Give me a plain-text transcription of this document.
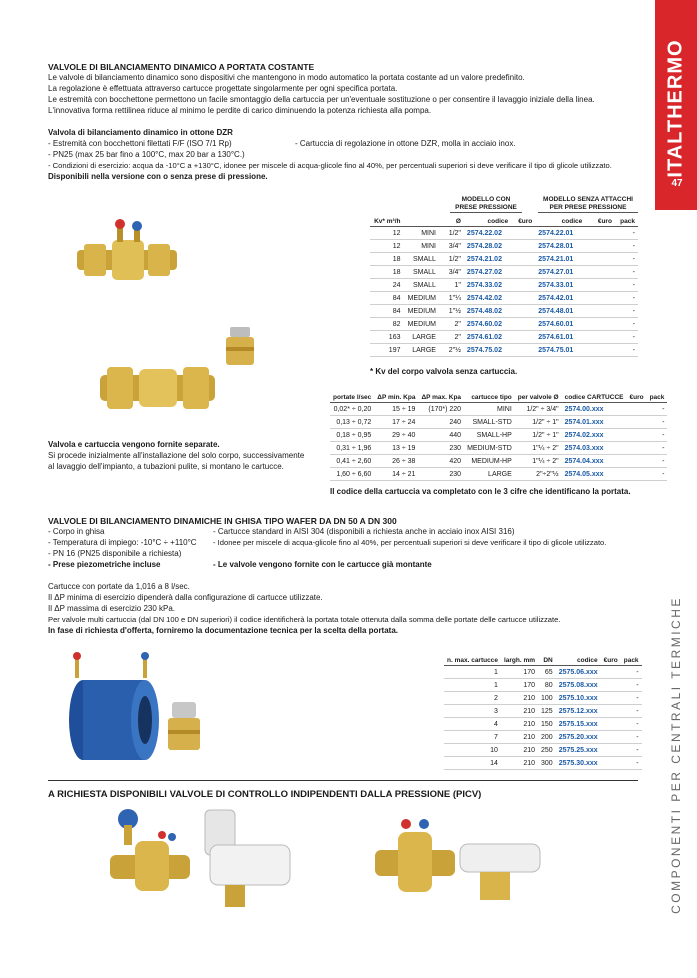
ITALTHERMO
47
COMPONENTI PER CENTRALI TERMICHE
VALVOLE DI BILANCIAMENTO DINAMICO A PORTATA COSTANTE
Le valvole di bilanciamento dinamico sono dispositivi che mantengono in modo automatico la portata costante ad un valore predefinito.
La regolazione è effettuata attraverso cartucce progettate singolarmente per ogni specifica portata.
Le estremità con bocchettone permettono un facile smontaggio della cartuccia per un'eventuale sostituzione o per consentire il lavaggio iniziale della linea.
L'innovativa forma rettilinea riduce al minimo le perdite di carico diminuendo la potenza richiesta alla pompa.
Valvola di bilanciamento dinamico in ottone DZR
- Estremità con bocchettoni filettati F/F (ISO 7/1 Rp)	- Cartuccia di regolazione in ottone DZR, molla in acciaio inox.
- PN25 (max 25 bar fino a 100°C, max 20 bar a 130°C.)
- Condizioni di esercizio: acqua da -10°C a +130°C, idonee per miscele di acqua-glicole fino al 40%, per percentuali superiori si deve verificare il tipo di glicole utilizzato.
Disponibili nella versione con o senza prese di pressione.
MODELLO CON PRESE PRESSIONE
MODELLO SENZA ATTACCHI PER PRESE PRESSIONE
Kv* m³/h		Ø	codice	€uro	codice	€uro	pack
12	MINI	1/2"	2574.22.02		2574.22.01		-
12	MINI	3/4"	2574.28.02		2574.28.01		-
18	SMALL	1/2"	2574.21.02		2574.21.01		-
18	SMALL	3/4"	2574.27.02		2574.27.01		-
24	SMALL	1"	2574.33.02		2574.33.01		-
84	MEDIUM	1"¼	2574.42.02		2574.42.01		-
84	MEDIUM	1"½	2574.48.02		2574.48.01		-
82	MEDIUM	2"	2574.60.02		2574.60.01		-
163	LARGE	2"	2574.61.02		2574.61.01		-
197	LARGE	2"½	2574.75.02		2574.75.01		-
* Kv del corpo valvola senza cartuccia.
portate l/sec	ΔP min. Kpa	ΔP max. Kpa	cartucce tipo	per valvole Ø	codice CARTUCCE	€uro	pack
0,02* ÷ 0,20	15 ÷ 19	(170*) 220	MINI	1/2" ÷ 3/4"	2574.00.xxx		-
0,13 ÷ 0,72	17 ÷ 24	240	SMALL-STD	1/2" ÷ 1"	2574.01.xxx		-
0,18 ÷ 0,95	29 ÷ 40	440	SMALL-HP	1/2" ÷ 1"	2574.02.xxx		-
0,31 ÷ 1,96	13 ÷ 19	230	MEDIUM-STD	1"¼ ÷ 2"	2574.03.xxx		-
0,41 ÷ 2,60	26 ÷ 38	420	MEDIUM-HP	1"¼ ÷ 2"	2574.04.xxx		-
1,60 ÷ 6,60	14 ÷ 21	230	LARGE	2"÷2"½	2574.05.xxx		-
Il codice della cartuccia va completato con le 3 cifre che identificano la portata.
Valvola e cartuccia vengono fornite separate.
Si procede inizialmente all'installazione del solo corpo, successivamente
al lavaggio dell'impianto, a tubazioni pulite, si montano le cartucce.
VALVOLE DI BILANCIAMENTO DINAMICHE IN GHISA TIPO WAFER DA DN 50 A DN 300
- Corpo in ghisa
- Temperatura di impiego: -10°C ÷ +110°C
- PN 16 (PN25 disponibile a richiesta)
- Prese piezometriche incluse
- Cartucce standard in AISI 304 (disponibili a richiesta anche in acciaio inox AISI 316)
- Idonee per miscele di acqua-glicole fino al 40%, per percentuali superiori si deve verificare il tipo di glicole utilizzato.
- Le valvole vengono fornite con le cartucce già montante
Cartucce con portate da 1,016 a 8 l/sec.
Il ΔP minima di esercizio dipenderà dalla configurazione di cartucce utilizzate.
Il ΔP massima di esercizio 230 kPa.
Per valvole multi cartuccia (dal DN 100 e DN superiori) il codice identificherà la portata totale ottenuta dalla somma delle portate delle cartucce utilizzate.
In fase di richiesta d'offerta, forniremo la documentazione tecnica per la scelta della portata.
n. max. cartucce	largh. mm	DN	codice	€uro	pack
1	170	65	2575.06.xxx		-
1	170	80	2575.08.xxx		-
2	210	100	2575.10.xxx		-
3	210	125	2575.12.xxx		-
4	210	150	2575.15.xxx		-
7	210	200	2575.20.xxx		-
10	210	250	2575.25.xxx		-
14	210	300	2575.30.xxx		-
A RICHIESTA DISPONIBILI VALVOLE DI CONTROLLO INDIPENDENTI DALLA PRESSIONE (PICV)
